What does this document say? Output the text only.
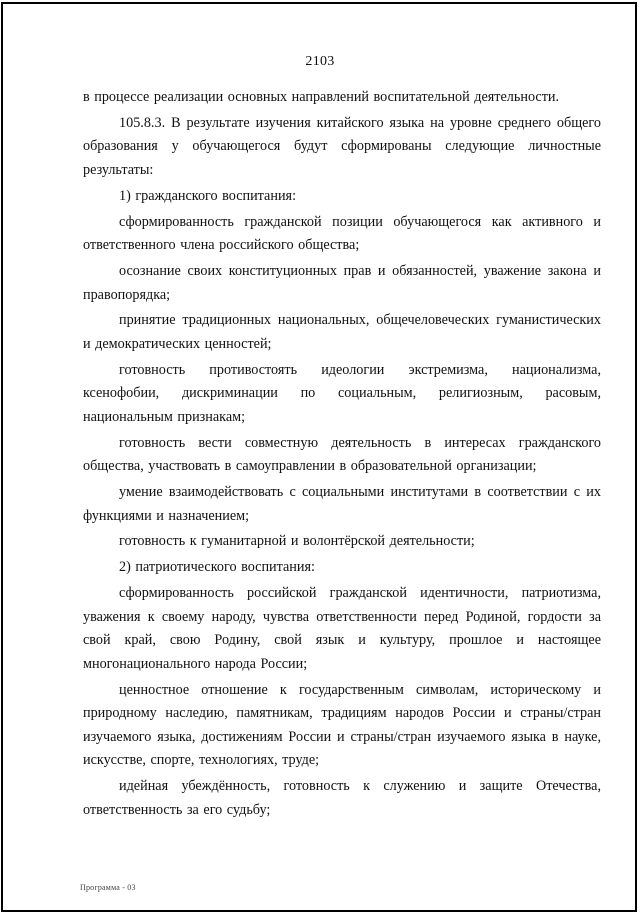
2103

в процессе реализации основных направлений воспитательной деятельности.

105.8.3. В результате изучения китайского языка на уровне среднего общего образования у обучающегося будут сформированы следующие личностные результаты:

1) гражданского воспитания:

сформированность гражданской позиции обучающегося как активного и ответственного члена российского общества;

осознание своих конституционных прав и обязанностей, уважение закона и правопорядка;

принятие традиционных национальных, общечеловеческих гуманистических и демократических ценностей;

готовность противостоять идеологии экстремизма, национализма, ксенофобии, дискриминации по социальным, религиозным, расовым, национальным признакам;

готовность вести совместную деятельность в интересах гражданского общества, участвовать в самоуправлении в образовательной организации;

умение взаимодействовать с социальными институтами в соответствии с их функциями и назначением;

готовность к гуманитарной и волонтёрской деятельности;

2) патриотического воспитания:

сформированность российской гражданской идентичности, патриотизма, уважения к своему народу, чувства ответственности перед Родиной, гордости за свой край, свою Родину, свой язык и культуру, прошлое и настоящее многонационального народа России;

ценностное отношение к государственным символам, историческому и природному наследию, памятникам, традициям народов России и страны/стран изучаемого языка, достижениям России и страны/стран изучаемого языка в науке, искусстве, спорте, технологиях, труде;

идейная убеждённость, готовность к служению и защите Отечества, ответственность за его судьбу;

Программа - 03
